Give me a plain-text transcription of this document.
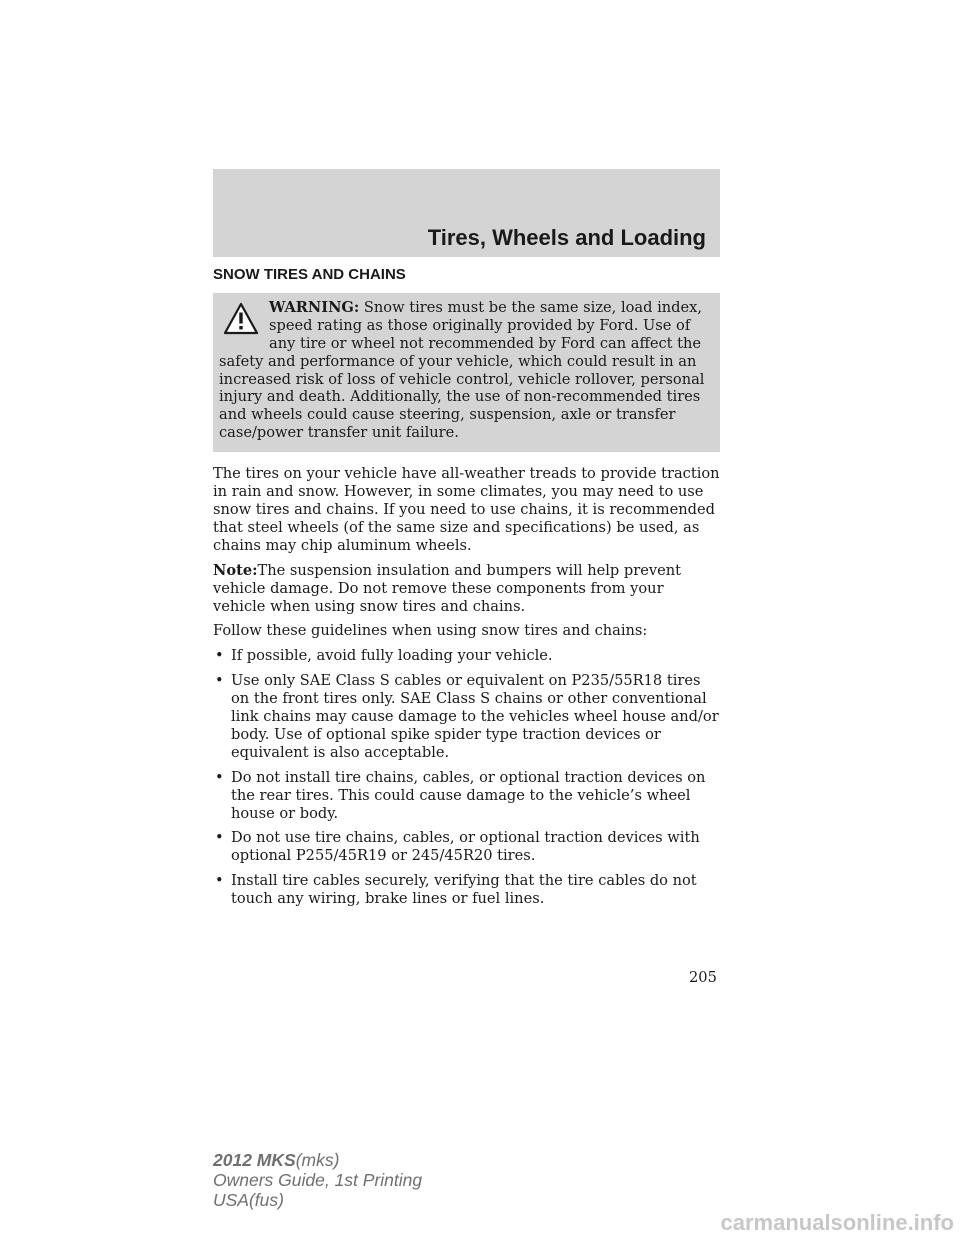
Tires, Wheels and Loading
SNOW TIRES AND CHAINS
WARNING: Snow tires must be the same size, load index, speed rating as those originally provided by Ford. Use of any tire or wheel not recommended by Ford can affect the safety and performance of your vehicle, which could result in an increased risk of loss of vehicle control, vehicle rollover, personal injury and death. Additionally, the use of non-recommended tires and wheels could cause steering, suspension, axle or transfer case/power transfer unit failure.

The tires on your vehicle have all-weather treads to provide traction in rain and snow. However, in some climates, you may need to use snow tires and chains. If you need to use chains, it is recommended that steel wheels (of the same size and specifications) be used, as chains may chip aluminum wheels.

Note:The suspension insulation and bumpers will help prevent vehicle damage. Do not remove these components from your vehicle when using snow tires and chains.

Follow these guidelines when using snow tires and chains:

• If possible, avoid fully loading your vehicle.
• Use only SAE Class S cables or equivalent on P235/55R18 tires on the front tires only. SAE Class S chains or other conventional link chains may cause damage to the vehicles wheel house and/or body. Use of optional spike spider type traction devices or equivalent is also acceptable.
• Do not install tire chains, cables, or optional traction devices on the rear tires. This could cause damage to the vehicle’s wheel house or body.
• Do not use tire chains, cables, or optional traction devices with optional P255/45R19 or 245/45R20 tires.
• Install tire cables securely, verifying that the tire cables do not touch any wiring, brake lines or fuel lines.
205
2012 MKS(mks)
Owners Guide, 1st Printing
USA(fus)
carmanualsonline.info
